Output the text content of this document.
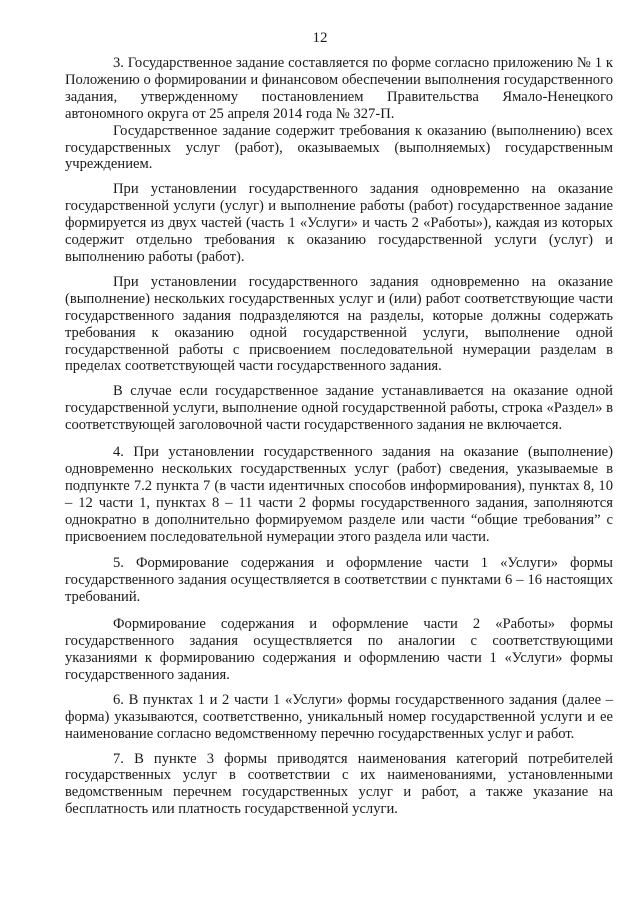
12

3. Государственное задание составляется по форме согласно приложению № 1 к Положению о формировании и финансовом обеспечении выполнения государственного задания, утвержденному постановлением Правительства Ямало-Ненецкого автономного округа от 25 апреля 2014 года № 327-П.

Государственное задание содержит требования к оказанию (выполнению) всех государственных услуг (работ), оказываемых (выполняемых) государственным учреждением.

При установлении государственного задания одновременно на оказание государственной услуги (услуг) и выполнение работы (работ) государственное задание формируется из двух частей (часть 1 «Услуги» и часть 2 «Работы»), каждая из которых содержит отдельно требования к оказанию государственной услуги (услуг) и выполнению работы (работ).

При установлении государственного задания одновременно на оказание (выполнение) нескольких государственных услуг и (или) работ соответствующие части государственного задания подразделяются на разделы, которые должны содержать требования к оказанию одной государственной услуги, выполнение одной государственной работы с присвоением последовательной нумерации разделам в пределах соответствующей части государственного задания.

В случае если государственное задание устанавливается на оказание одной государственной услуги, выполнение одной государственной работы, строка «Раздел» в соответствующей заголовочной части государственного задания не включается.

4. При установлении государственного задания на оказание (выполнение) одновременно нескольких государственных услуг (работ) сведения, указываемые в подпункте 7.2 пункта 7 (в части идентичных способов информирования), пунктах 8, 10 – 12 части 1, пунктах 8 – 11 части 2 формы государственного задания, заполняются однократно в дополнительно формируемом разделе или части “общие требования” с присвоением последовательной нумерации этого раздела или части.

5. Формирование содержания и оформление части 1 «Услуги» формы государственного задания осуществляется в соответствии с пунктами 6 – 16 настоящих требований.

Формирование содержания и оформление части 2 «Работы» формы государственного задания осуществляется по аналогии с соответствующими указаниями к формированию содержания и оформлению части 1 «Услуги» формы государственного задания.

6. В пунктах 1 и 2 части 1 «Услуги» формы государственного задания (далее – форма) указываются, соответственно, уникальный номер государственной услуги и ее наименование согласно ведомственному перечню государственных услуг и работ.

7. В пункте 3 формы приводятся наименования категорий потребителей государственных услуг в соответствии с их наименованиями, установленными ведомственным перечнем государственных услуг и работ, а также указание на бесплатность или платность государственной услуги.
